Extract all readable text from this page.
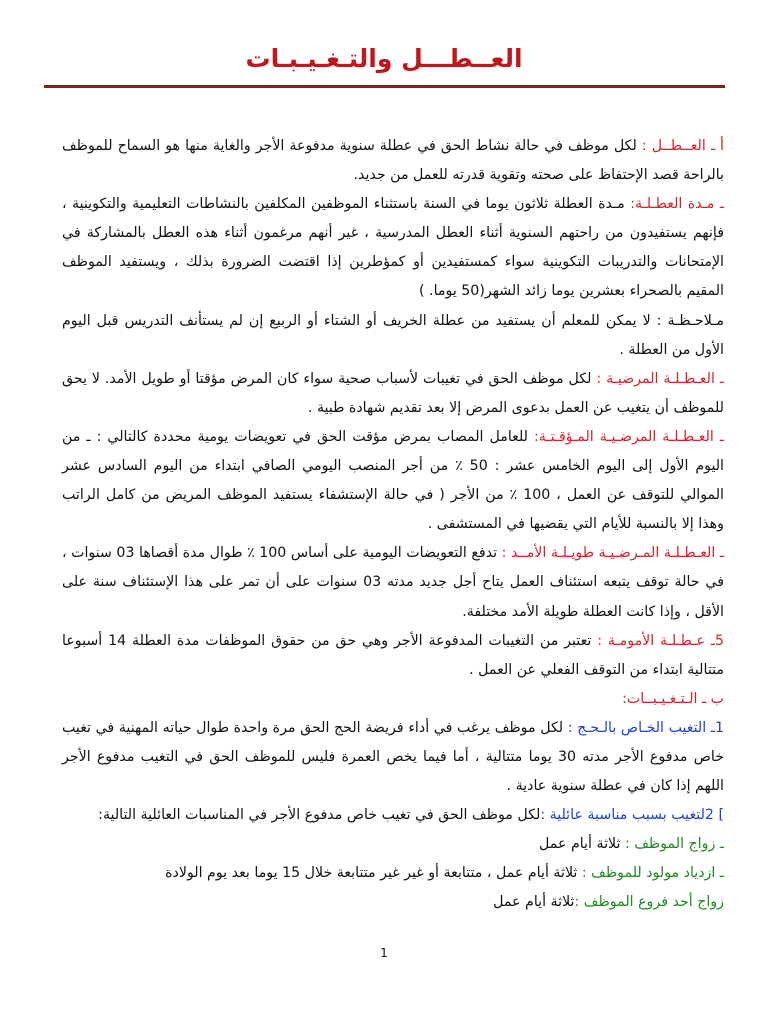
العــطـــل والتـغـيـبـات

أ ـ العــطــل : لكل موظف في حالة نشاط الحق في عطلة سنوية مدفوعة الأجر والغاية منها هو السماح للموظف بالراحة قصد الإحتفاظ على صحته وتقوية قدرته للعمل من جديد.

ـ مـدة العطـلـة: مـدة العطلة ثلاثون يوما في السنة باستثناء الموظفين المكلفين بالنشاطات التعليمية والتكوينية ، فإنهم يستفيدون من راحتهم السنوية أثناء العطل المدرسية ، غير أنهم مرغمون أثناء هذه العطل بالمشاركة في الإمتحانات والتدريبات التكوينية سواء كمستفيدين أو كمؤطرين إذا اقتضت الضرورة بذلك ، ويستفيد الموظف المقيم بالصحراء بعشرين يوما زائد الشهر(50 يوما. )

مـلاحـظـة : لا يمكن للمعلم أن يستفيد من عطلة الخريف أو الشتاء أو الربيع إن لم يستأنف التدريس قبل اليوم الأول من العطلة .

ـ العـطـلـة المرضيـة : لكل موظف الحق في تغيبات لأسباب صحية سواء كان المرض مؤقتا أو طويل الأمد. لا يحق للموظف أن يتغيب عن العمل بدعوى المرض إلا بعد تقديم شهادة طبية .

ـ العـطـلـة المرضـيـة المـؤقـتـة: للعامل المصاب بمرض مؤقت الحق في تعويضات يومية محددة كالتالي : ـ من اليوم الأول إلى اليوم الخامس عشر : 50 ٪ من أجر المنصب اليومي الصافي ابتداء من اليوم السادس عشر الموالي للتوقف عن العمل ، 100 ٪ من الأجر ( في حالة الإستشفاء يستفيد الموظف المريض من كامل الراتب وهذا إلا بالنسبة للأيام التي يقضيها في المستشفى .

ـ العـطـلـة المـرضـيـة طويـلـة الأمــد : تدفع التعويضات اليومية على أساس 100 ٪ طوال مدة أقصاها 03 سنوات ، في حالة توقف يتبعه استئناف العمل يتاح أجل جديد مدته 03 سنوات على أن تمر على هذا الإستئناف سنة على الأقل ، وإذا كانت العطلة طويلة الأمد مختلفة.

5ـ عـطـلـة الأمومـة : تعتبر من التغيبات المدفوعة الأجر وهي حق من حقوق الموظفات مدة العطلة 14 أسبوعا متتالية ابتداء من التوقف الفعلي عن العمل .

ب ـ الـتـغـيـبــات:

1ـ التغيب الخـاص بالـحـج : لكل موظف يرغب في أداء فريضة الحج الحق مرة واحدة طوال حياته المهنية في تغيب خاص مدفوع الأجر مدته 30 يوما متتالية ، أما فيما يخص العمرة فليس للموظف الحق في التغيب مدفوع الأجر اللهم إذا كان في عطلة سنوية عادية .

] 2لتغيب بسبب مناسبة عائلية :لكل موظف الحق في تغيب خاص مدفوع الأجر في المناسبات العائلية التالية:

ـ زواج الموظف : ثلاثة أيام عمل

ـ ازدياد مولود للموظف : ثلاثة أيام عمل ، متتابعة أو غير غير متتابعة خلال 15 يوما بعد يوم الولادة

زواج أحد فروع الموظف :ثلاثة أيام عمل

1
